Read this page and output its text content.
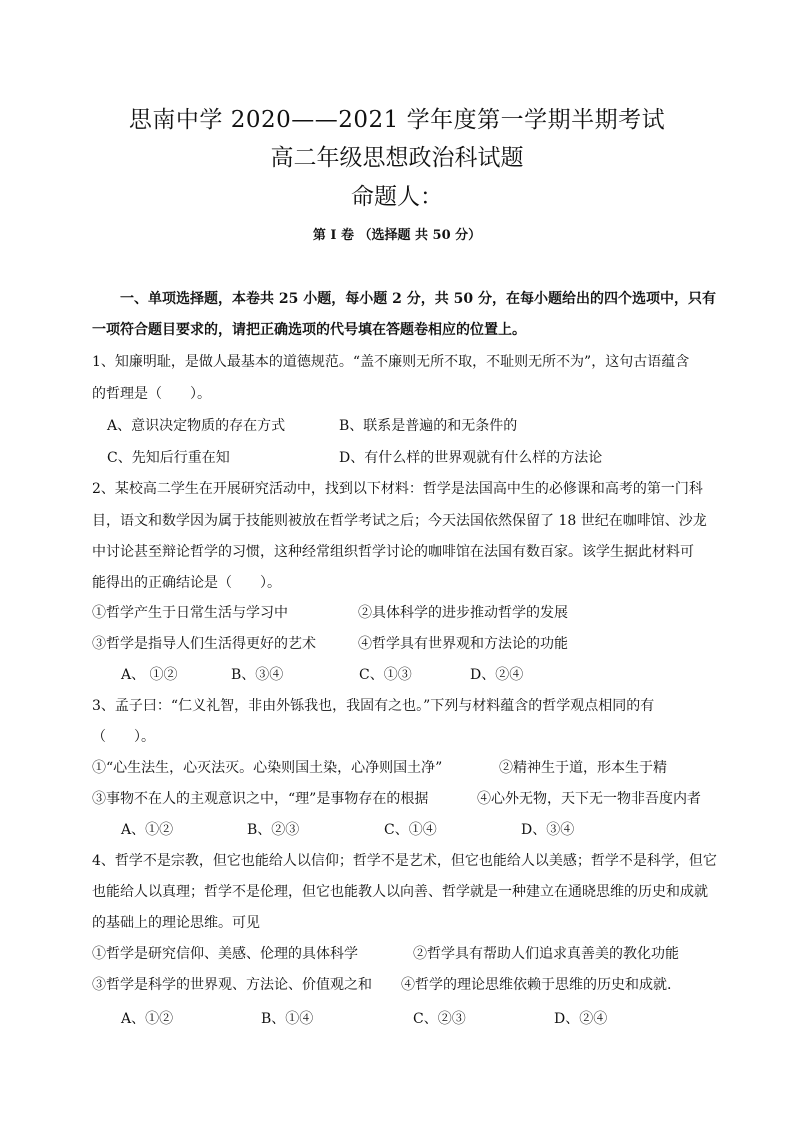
思南中学 2020——2021 学年度第一学期半期考试
高二年级思想政治科试题
命题人：
第 Ⅰ 卷 （选择题 共 50 分）
一、单项选择题，本卷共 25 小题，每小题 2 分，共 50 分，在每小题给出的四个选项中，只有
一项符合题目要求的，请把正确选项的代号填在答题卷相应的位置上。
1、知廉明耻，是做人最基本的道德规范。“盖不廉则无所不取，不耻则无所不为”，这句古语蕴含
的哲理是（　　）。
A、意识决定物质的存在方式	B、联系是普遍的和无条件的
C、先知后行重在知	D、有什么样的世界观就有什么样的方法论
2、某校高二学生在开展研究活动中，找到以下材料：哲学是法国高中生的必修课和高考的第一门科
目，语文和数学因为属于技能则被放在哲学考试之后；今天法国依然保留了 18 世纪在咖啡馆、沙龙
中讨论甚至辩论哲学的习惯，这种经常组织哲学讨论的咖啡馆在法国有数百家。该学生据此材料可
能得出的正确结论是（　　）。
①哲学产生于日常生活与学习中	②具体科学的进步推动哲学的发展
③哲学是指导人们生活得更好的艺术	④哲学具有世界观和方法论的功能
A、 ①②	B、③④	C、①③	D、②④
3、孟子曰：“仁义礼智，非由外铄我也，我固有之也。”下列与材料蕴含的哲学观点相同的有
（　　）。
①“心生法生，心灭法灭。心染则国土染，心净则国土净”	②精神生于道，形本生于精
③事物不在人的主观意识之中，“理”是事物存在的根据	④心外无物，天下无一物非吾度内者
A、①②	B、②③	C、①④	D、③④
4、哲学不是宗教，但它也能给人以信仰；哲学不是艺术，但它也能给人以美感；哲学不是科学，但它
也能给人以真理；哲学不是伦理，但它也能教人以向善、哲学就是一种建立在通晓思维的历史和成就
的基础上的理论思维。可见
①哲学是研究信仰、美感、伦理的具体科学	②哲学具有帮助人们追求真善美的教化功能
③哲学是科学的世界观、方法论、价值观之和 ④哲学的理论思维依赖于思维的历史和成就.
A、①②	B、①④	C、②③	D、②④
